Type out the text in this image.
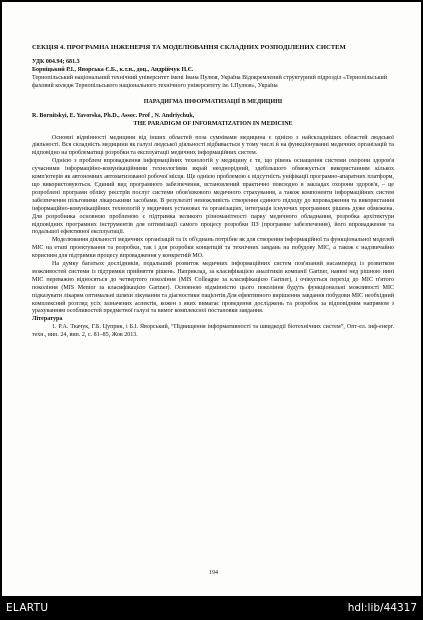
СЕКЦІЯ 4. ПРОГРАМНА ІНЖЕНЕРІЯ ТА МОДЕЛЮВАННЯ СКЛАДНИХ РОЗПОДІЛЕНИХ СИСТЕМ
УДК 004.94; 681.3
Борніцький Р.І., Яворська Є.Б., к.т.н., доц., Андрійчук Н.Є.
Тернопільський національний технічний університет імені Івана Пулюя, Україна Відокремлений структурний підрозділ «Тернопільський фаховий коледж Тернопільського національного технічного університету ім. І.Пулюя», Україна
ПАРАДИГМА ІНФОРМАТИЗАЦІЇ В МЕДИЦИНІ
R. Bornitskyi, E. Yavorska, Ph.D., Assoc. Prof , N. Andriychuk,
THE PARADIGM OF INFORMATIZATION IN MEDICINE

Основні відмінності медицини від інших областей поза сумнівами медицина є однією з найскладніших областей людської діяльності. Вся складність медицини як галузі людської діяльності відбивається у тому числі й на функціонуванні медичних організацій та відповідно на проблематиці розробки та експлуатації медичних інформаційних систем.

Однією з проблем впровадження інформаційних технологій у медицину є те, що рівень оснащення системи охорони здоров'я сучасними інформаційно-комунікаційними технологіями вкрай неоднорідний, здебільшого обмежується використанням кількох комп'ютерів як автономних автоматизованої робочої місця. Ще однією проблемою є відсутність уніфікації програмно-апаратних платформ, що використовуються. Єдиний вид програмного забезпечення, встановлений практично повсюдно в закладах охорони здоров'я, – це розроблені програми обліку реєстрів послуг системи обов'язкового медичного страхування, а також компоненти інформаційних систем забезпечення пільговими лікарськими засобами. В результаті неможливість створення єдиного підходу до впровадження та використання інформаційно-комунікаційних технологій у медичних установах та організаціях, інтеграція існуючих програмних рішень дуже обмежена. Для розробника основною проблемою є підтримка великого різноманітності парку медичного обладнання, розробка архітектури відповідних програмних інструментів для оптимізації самого процесу розробки ПЗ (програмне забезпечення), його впровадження та подальшої ефективної експлуатації.

Моделювання діяльності медичних організацій та їх об'єднань потрібне як для створення інформаційної та функціональної моделей МІС на етапі проектування та розробки, так і для розробки концепцій та технічних завдань на побудову МІС, а також є надзвичайно корисним для підтримки процесу впровадження у конкретній МО.

На думку багатьох дослідників, подальший розвиток медичних інформаційних систем пов'язаний насамперед із розвитком можливостей системи із підтримки прийняття рішень. Наприклад, за класифікацією аналітиків компанії Gartner, наявні нед рішною нині МІС переважно відносяться до четвертого покоління (MIS Colleague за класифікацією Gartner), і очікується перехід до МІС п'ятого покоління (MIS Mentor за класифікацією Gartner). Основною відмінністю цього покоління будуть функціональні можливості МІС підказувати лікарям оптимальні шляхи лікування та діагностики пацієнтів.Для ефективного вирішення завдання побудови МІС необхідний комплексний розгляд усіх зазначених аспектів, кожен з яких вимагає проведення досліджень та розробок за відповідним напрямом з урахуванням особливостей предметної галузі та вимог комплексної постановки завдання.

Література
1. Р.А. Ткачук, Г.Б. Цуприк, і Б.І. Яворський, “Підвищення інформативності та швидкодії біотехнічних систем”, Опт-ел. інф-енерг. техн., вип. 24, вип. 2, с. 81–85, Жов 2013.
194
ELARTU	hdl:lib/44317
